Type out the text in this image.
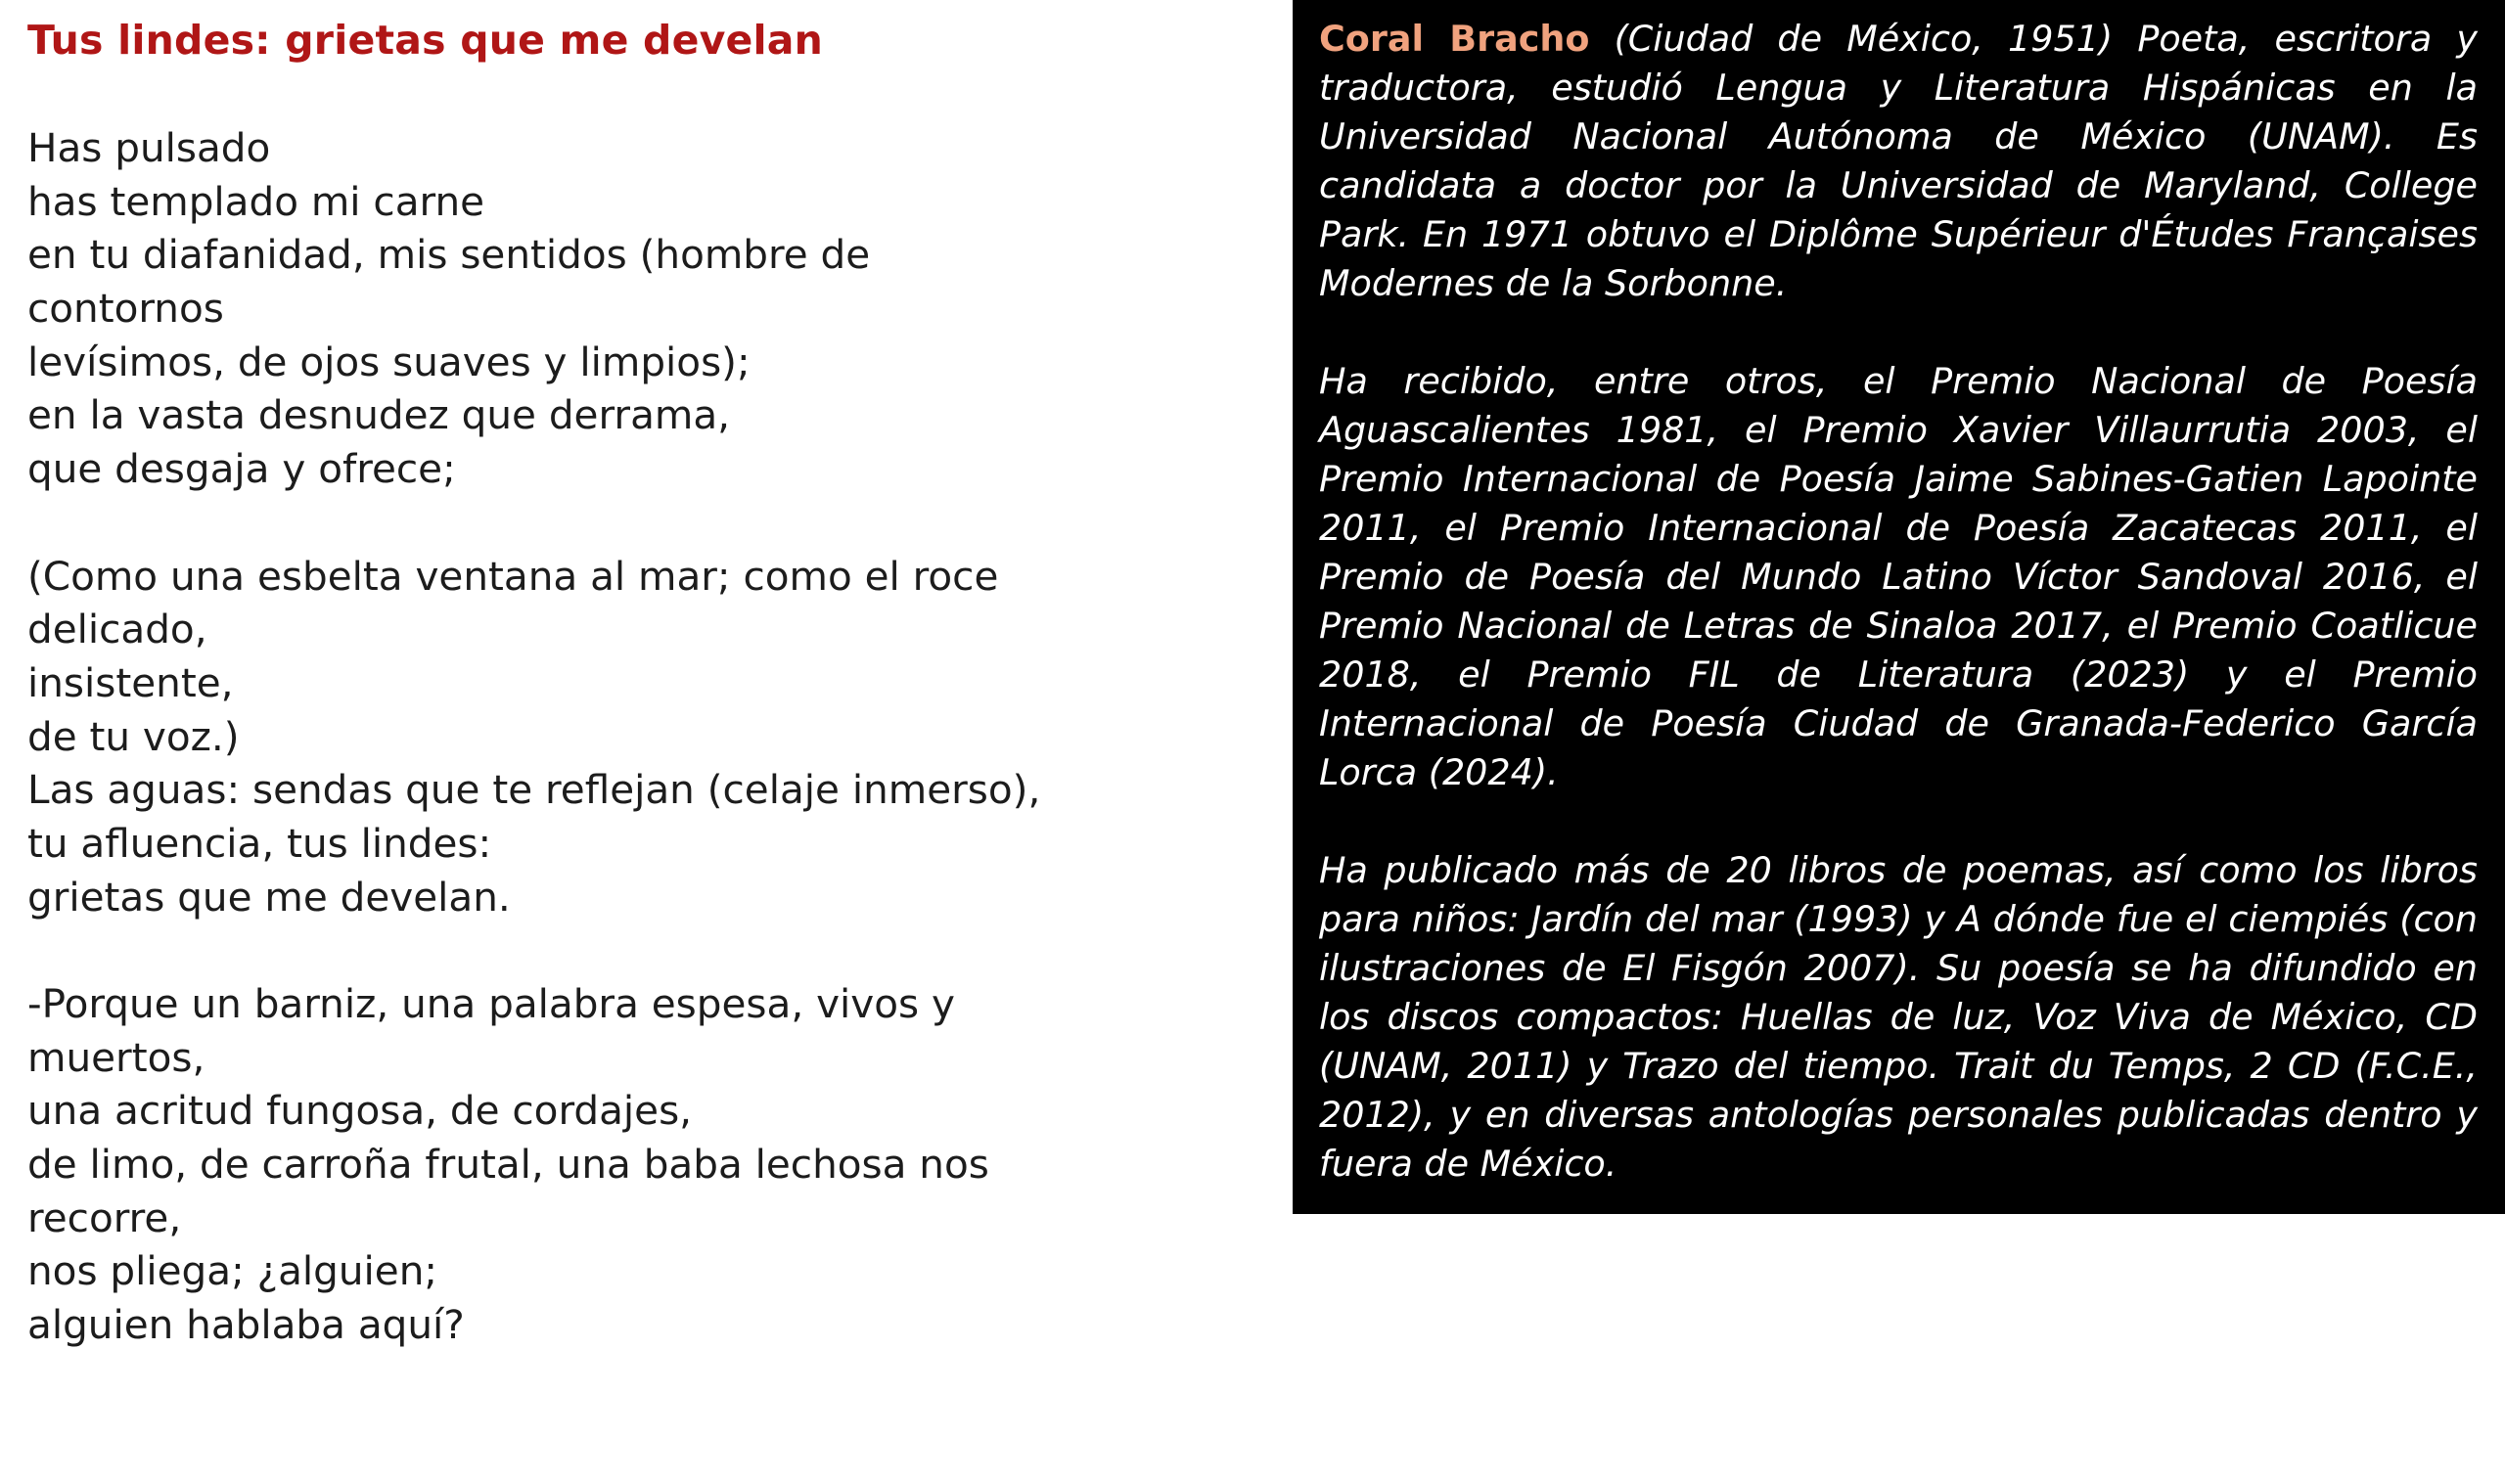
Tus lindes: grietas que me develan
Has pulsado
has templado mi carne
en tu diafanidad, mis sentidos (hombre de
contornos
levísimos, de ojos suaves y limpios);
en la vasta desnudez que derrama,
que desgaja y ofrece;
(Como una esbelta ventana al mar; como el roce
delicado,
insistente,
de tu voz.)
Las aguas: sendas que te reflejan (celaje inmerso),
tu afluencia, tus lindes:
grietas que me develan.
-Porque un barniz, una palabra espesa, vivos y
muertos,
una acritud fungosa, de cordajes,
de limo, de carroña frutal, una baba lechosa nos
recorre,
nos pliega; ¿alguien;
alguien hablaba aquí?

Coral Bracho (Ciudad de México, 1951) Poeta, escritora y traductora, estudió Lengua y Literatura Hispánicas en la Universidad Nacional Autónoma de México (UNAM). Es candidata a doctor por la Universidad de Maryland, College Park. En 1971 obtuvo el Diplôme Supérieur d'Études Françaises Modernes de la Sorbonne.

Ha recibido, entre otros, el Premio Nacional de Poesía Aguascalientes 1981, el Premio Xavier Villaurrutia 2003, el Premio Internacional de Poesía Jaime Sabines-Gatien Lapointe 2011, el Premio Internacional de Poesía Zacatecas 2011, el Premio de Poesía del Mundo Latino Víctor Sandoval 2016, el Premio Nacional de Letras de Sinaloa 2017, el Premio Coatlicue 2018, el Premio FIL de Literatura (2023) y el Premio Internacional de Poesía Ciudad de Granada-Federico García Lorca (2024).

Ha publicado más de 20 libros de poemas, así como los libros para niños: Jardín del mar (1993) y A dónde fue el ciempiés (con ilustraciones de El Fisgón 2007). Su poesía se ha difundido en los discos compactos: Huellas de luz, Voz Viva de México, CD (UNAM, 2011) y Trazo del tiempo. Trait du Temps, 2 CD (F.C.E., 2012), y en diversas antologías personales publicadas dentro y fuera de México.
